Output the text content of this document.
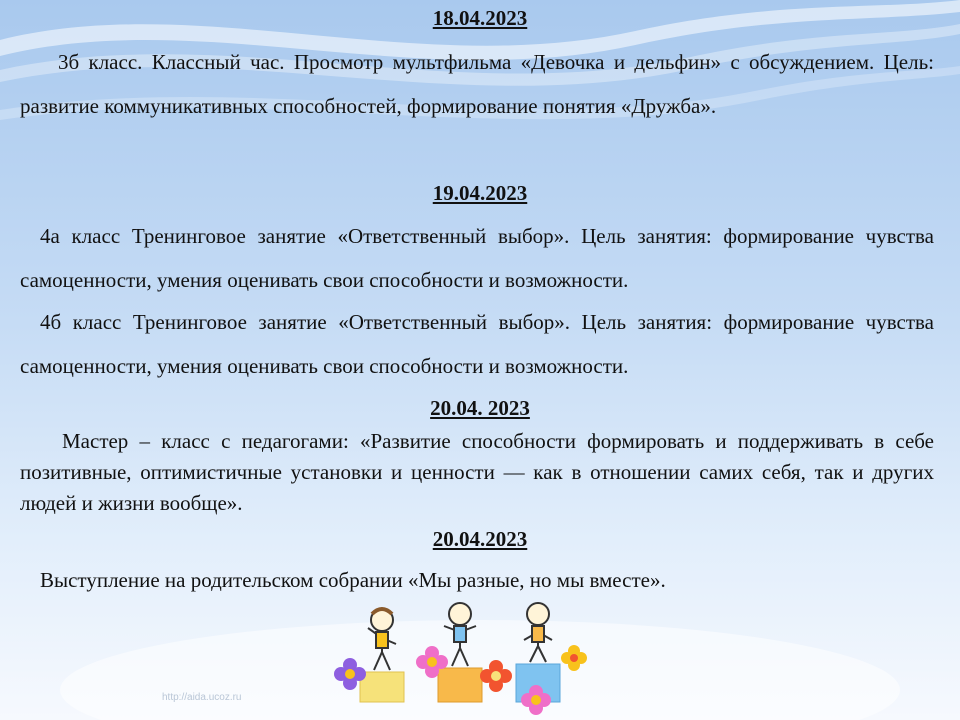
18.04.2023
3б класс. Классный час. Просмотр мультфильма «Девочка и дельфин» с обсуждением. Цель: развитие коммуникативных способностей, формирование понятия «Дружба».
19.04.2023
4а класс Тренинговое занятие «Ответственный выбор». Цель занятия: формирование чувства самоценности, умения оценивать свои способности и возможности.
4б класс Тренинговое занятие «Ответственный выбор». Цель занятия: формирование чувства самоценности, умения оценивать свои способности и возможности.
20.04. 2023
Мастер – класс с педагогами: «Развитие способности формировать и поддерживать в себе позитивные, оптимистичные установки и ценности — как в отношении самих себя, так и других людей и жизни вообще».
20.04.2023
Выступление на родительском собрании «Мы разные, но мы вместе».
http://aida.ucoz.ru
